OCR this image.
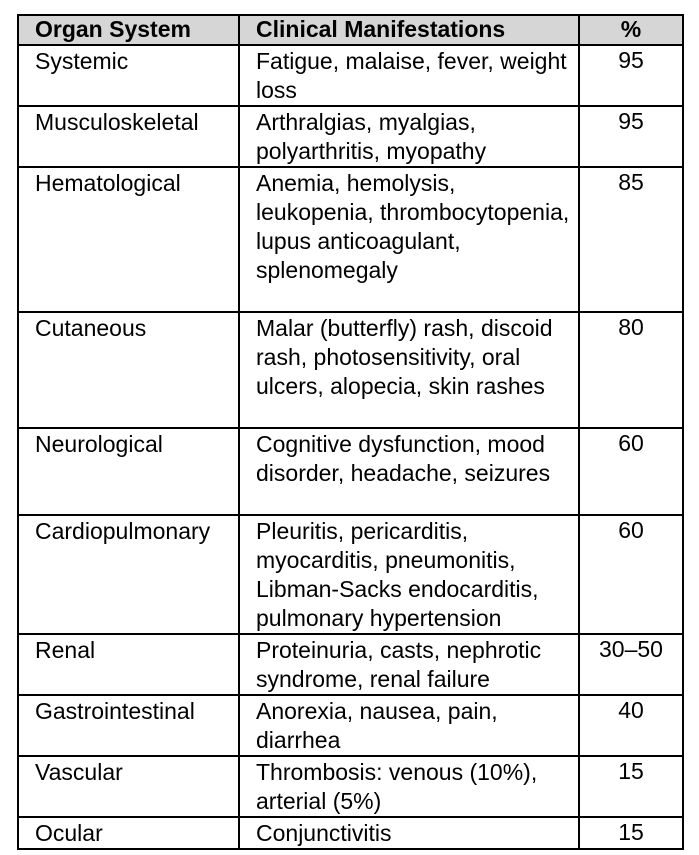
Organ System	Clinical Manifestations	%
Systemic	Fatigue, malaise, fever, weight loss	95
Musculoskeletal	Arthralgias, myalgias, polyarthritis, myopathy	95
Hematological	Anemia, hemolysis, leukopenia, thrombocytopenia, lupus anticoagulant, splenomegaly	85
Cutaneous	Malar (butterfly) rash, discoid rash, photosensitivity, oral ulcers, alopecia, skin rashes	80
Neurological	Cognitive dysfunction, mood disorder, headache, seizures	60
Cardiopulmonary	Pleuritis, pericarditis, myocarditis, pneumonitis, Libman-Sacks endocarditis, pulmonary hypertension	60
Renal	Proteinuria, casts, nephrotic syndrome, renal failure	30–50
Gastrointestinal	Anorexia, nausea, pain, diarrhea	40
Vascular	Thrombosis: venous (10%), arterial (5%)	15
Ocular	Conjunctivitis	15
